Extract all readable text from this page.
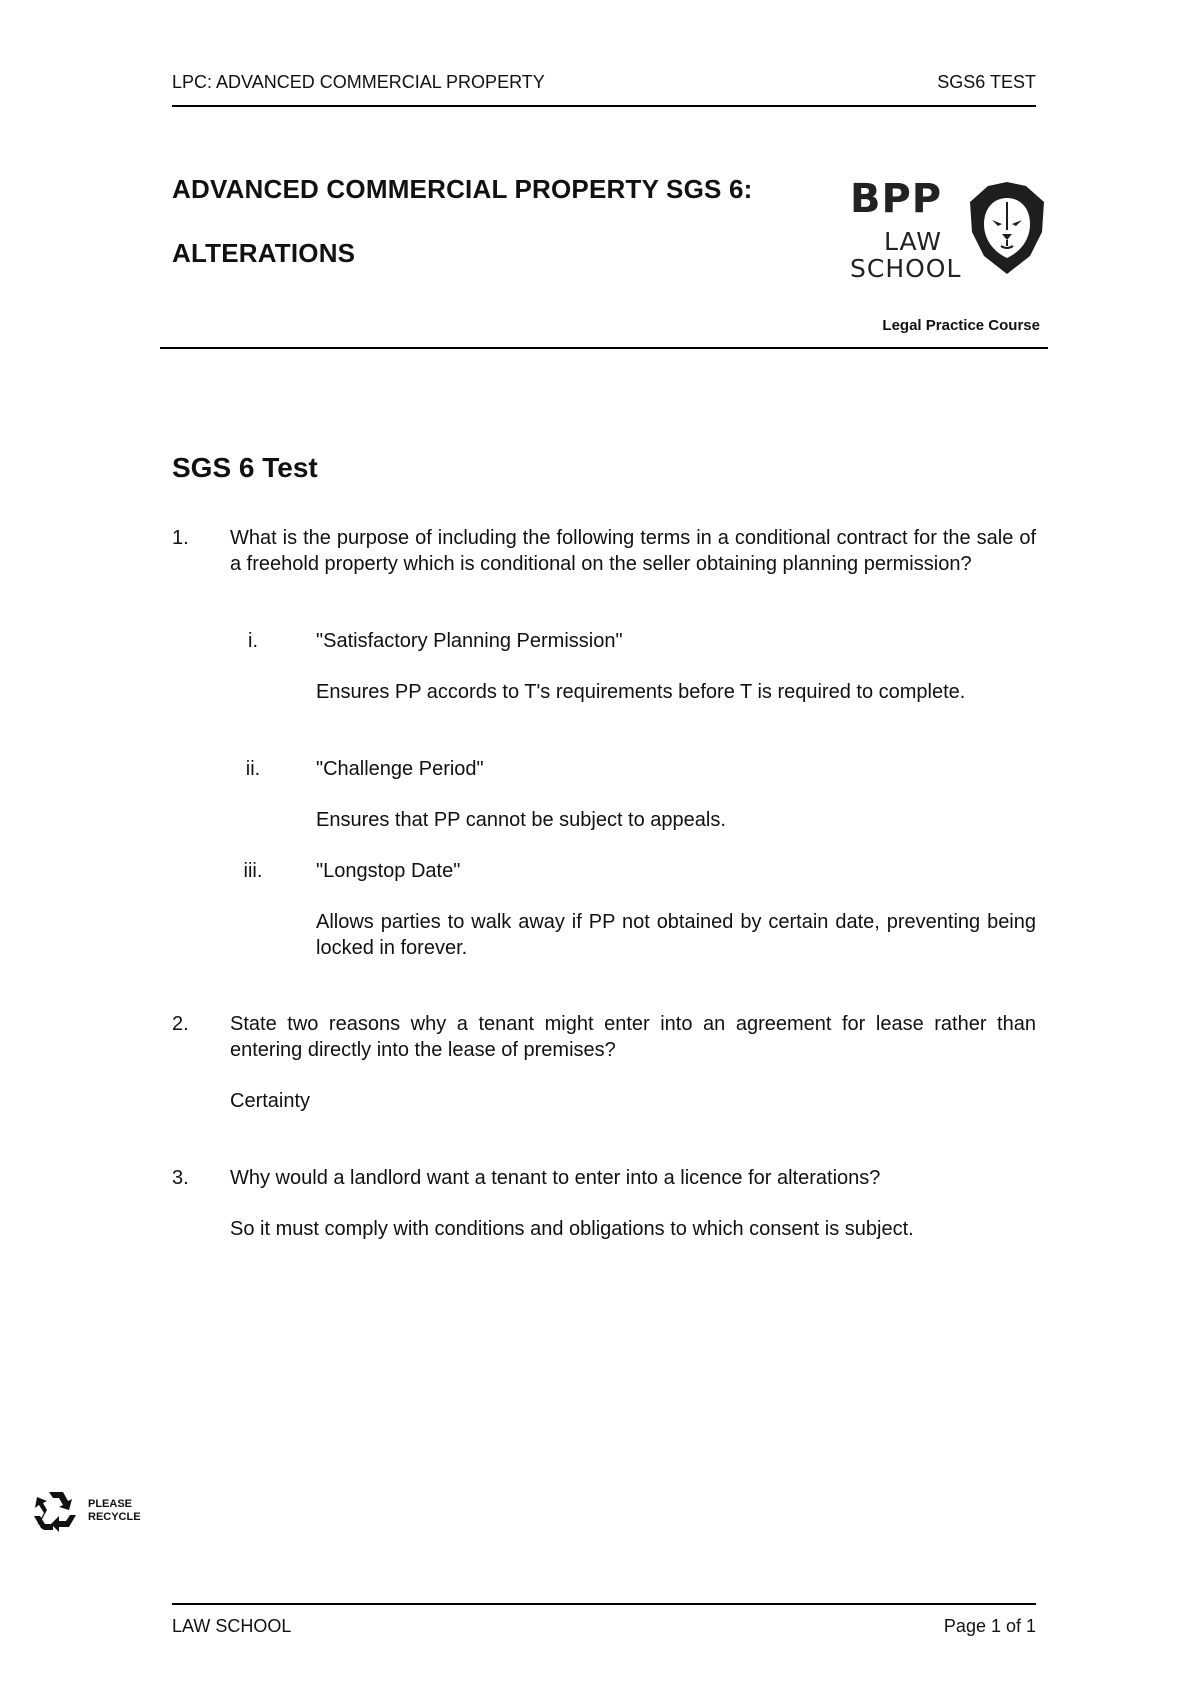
LPC: ADVANCED COMMERCIAL PROPERTY	SGS6 TEST
ADVANCED COMMERCIAL PROPERTY SGS 6:
ALTERATIONS
BPP
LAW
SCHOOL
Legal Practice Course
SGS 6 Test
1. What is the purpose of including the following terms in a conditional contract for the sale of a freehold property which is conditional on the seller obtaining planning permission?
i.	"Satisfactory Planning Permission"
Ensures PP accords to T's requirements before T is required to complete.
ii.	"Challenge Period"
Ensures that PP cannot be subject to appeals.
iii.	"Longstop Date"
Allows parties to walk away if PP not obtained by certain date, preventing being locked in forever.
2. State two reasons why a tenant might enter into an agreement for lease rather than entering directly into the lease of premises?
Certainty
3. Why would a landlord want a tenant to enter into a licence for alterations?
So it must comply with conditions and obligations to which consent is subject.
PLEASE
RECYCLE
LAW SCHOOL	Page 1 of 1
